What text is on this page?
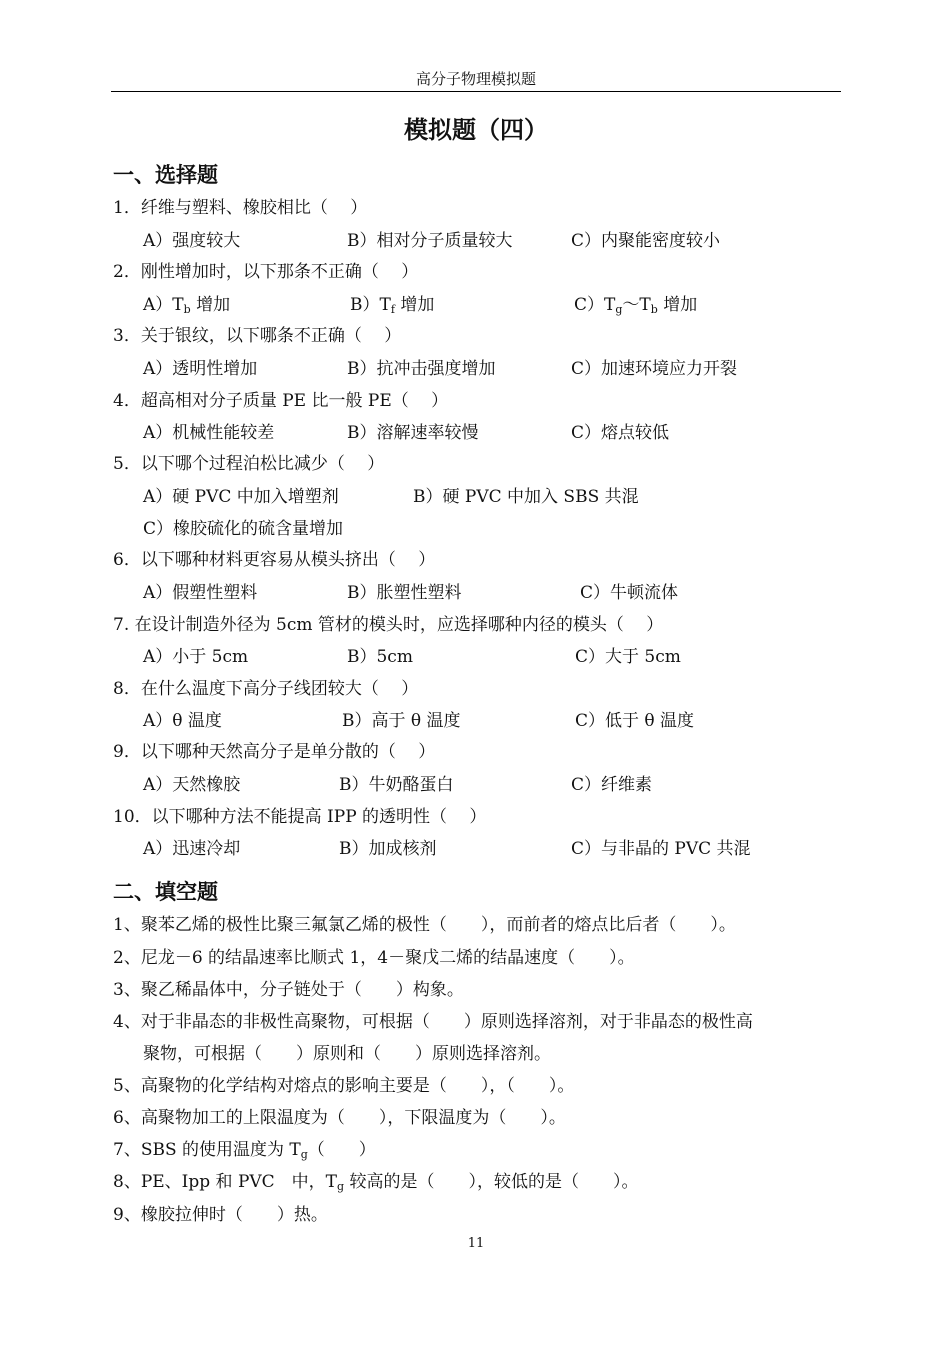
高分子物理模拟题
模拟题（四）
一、选择题
1．纤维与塑料、橡胶相比（　 ）
A）强度较大	B）相对分子质量较大	C）内聚能密度较小
2．刚性增加时，以下那条不正确（　 ）
$A)T_b$ 增加	$B)T_f$ 增加	$C)T_g\sim T_b$ 增加
3．关于银纹，以下哪条不正确（　 ）
A）透明性增加	B）抗冲击强度增加	C）加速环境应力开裂
4．超高相对分子质量 PE 比一般 PE（　 ）
A）机械性能较差	B）溶解速率较慢	C）熔点较低
5．以下哪个过程泊松比减少（　 ）
A）硬 PVC 中加入增塑剂	B）硬 PVC 中加入 SBS 共混
C）橡胶硫化的硫含量增加
6．以下哪种材料更容易从模头挤出（　 ）
A）假塑性塑料	B）胀塑性塑料	C）牛顿流体
7. 在设计制造外径为 5cm 管材的模头时，应选择哪种内径的模头（　 ）
A）小于 5cm	B）5cm	C）大于 5cm
8．在什么温度下高分子线团较大（　 ）
A）θ 温度	B）高于 θ 温度	C）低于 θ 温度
9．以下哪种天然高分子是单分散的（　 ）
A）天然橡胶	B）牛奶酪蛋白	C）纤维素
10．以下哪种方法不能提高 IPP 的透明性（　 ）
A）迅速冷却	B）加成核剂	C）与非晶的 PVC 共混
二、填空题
1、聚苯乙烯的极性比聚三氟氯乙烯的极性（　　），而前者的熔点比后者（　　）。
2、尼龙－6 的结晶速率比顺式 1，4－聚戊二烯的结晶速度（　　）。
3、聚乙稀晶体中，分子链处于（　　）构象。
4、对于非晶态的非极性高聚物，可根据（　　）原则选择溶剂，对于非晶态的极性高
聚物，可根据（　　）原则和（　　）原则选择溶剂。
5、高聚物的化学结构对熔点的影响主要是（　　），（　　）。
6、高聚物加工的上限温度为（　　），下限温度为（　　）。
7、SBS 的使用温度为 $T_g$（　　）
8、PE、Ipp 和 PVC　中，$T_g$ 较高的是（　　），较低的是（　　）。
9、橡胶拉伸时（　　）热。
11
